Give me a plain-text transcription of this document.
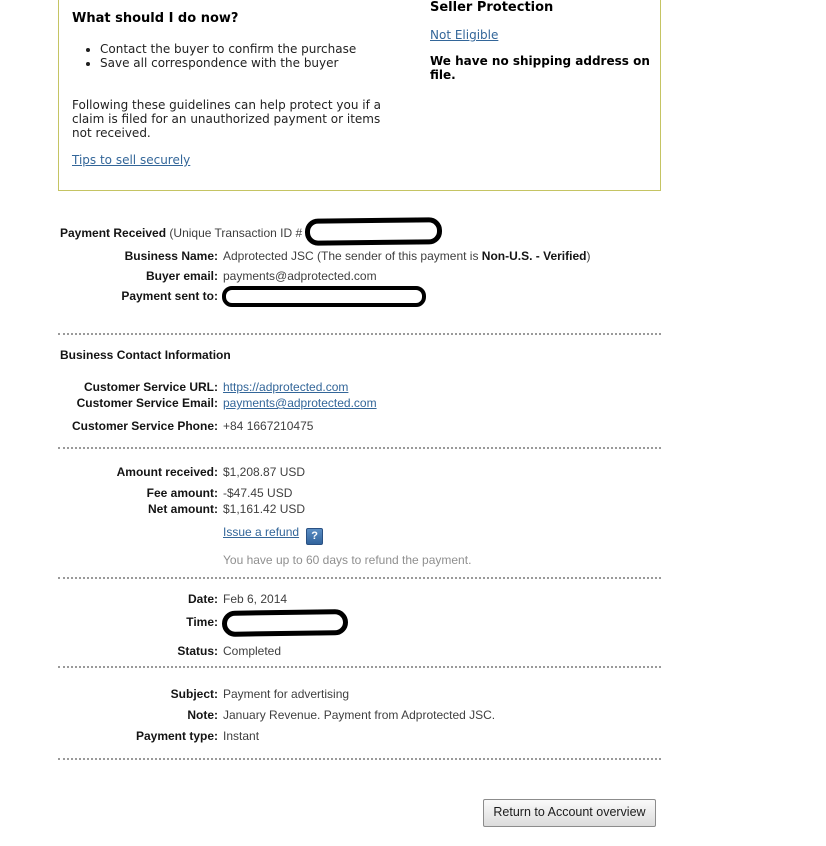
What should I do now?
• Contact the buyer to confirm the purchase
• Save all correspondence with the buyer
Following these guidelines can help protect you if a claim is filed for an unauthorized payment or items not received.
Tips to sell securely
Seller Protection
Not Eligible
We have no shipping address on file.
Payment Received (Unique Transaction ID #
Business Name: Adprotected JSC (The sender of this payment is Non-U.S. - Verified)
Buyer email: payments@adprotected.com
Payment sent to:
Business Contact Information
Customer Service URL: https://adprotected.com
Customer Service Email: payments@adprotected.com
Customer Service Phone: +84 1667210475
Amount received: $1,208.87 USD
Fee amount: -$47.45 USD
Net amount: $1,161.42 USD
Issue a refund ?
You have up to 60 days to refund the payment.
Date: Feb 6, 2014
Time:
Status: Completed
Subject: Payment for advertising
Note: January Revenue. Payment from Adprotected JSC.
Payment type: Instant
Return to Account overview
